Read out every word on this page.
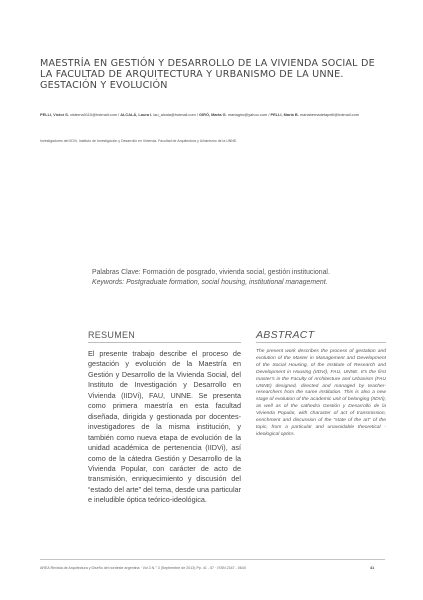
MAESTRÍA EN GESTIÓN Y DESARROLLO DE LA VIVIENDA SOCIAL DE LA FACULTAD DE ARQUITECTURA Y URBANISMO DE LA UNNE. GESTACIÓN Y EVOLUCIÓN
PELLI, Víctor S. cisterna0110@hotmail.com / ALCALÁ, Laura I. lau_alcala@hotmail.com / GIRÓ, Marta G. martagiro@yahoo.com / PELLI, María B. mariabernadetapelli@hotmail.com
Investigadores del IIDVi, Instituto de Investigación y Desarrollo en Vivienda. Facultad de Arquitectura y Urbanismo de la UNNE.
Palabras Clave: Formación de posgrado, vivienda social, gestión institucional.
Keywords: Postgraduate formation, social housing, institutional management.
RESUMEN	ABSTRACT

El presente trabajo describe el proceso de gestación y evolución de la Maestría en Gestión y Desarrollo de la Vivienda Social, del Instituto de Investigación y Desarrollo en Vivienda (IIDVi), FAU, UNNE. Se presenta como primera maestría en esta facultad diseñada, dirigida y gestionada por docentes-investigadores de la misma institución, y también como nueva etapa de evolución de la unidad académica de pertenencia (IIDVi), así como de la cátedra Gestión y Desarrollo de la Vivienda Popular, con carácter de acto de transmisión, enriquecimiento y discusión del “estado del arte” del tema, desde una particular e ineludible óptica teórico-ideológica.

The present work describes the process of gestation and evolution of the Master in Management and Development of the Social Housing, of the Institute of Research and Development in Housing (IIDVi), FAU, UNNE. It’s the first master’s in the Faculty of Architecture and Urbanism (FAU UNNE) designed, directed and managed by teacher-researchers from the same institution. This is also a new stage of evolution of the academic unit of belonging (IIDVi), as well as of the cathedra Gestión y Desarrollo de la Vivienda Popular, with character of act of transmission, enrichment and discussion of the “state of the art” of the topic, from a particular and unavoidable theoretical - ideological optics.

AREA Revista de Arquitectura y Diseño del nordeste argentina · Vol 3 N.° 3 (Septiembre de 2013) Pp. 41 - 57 · ISSN 2347 - 064X	41
